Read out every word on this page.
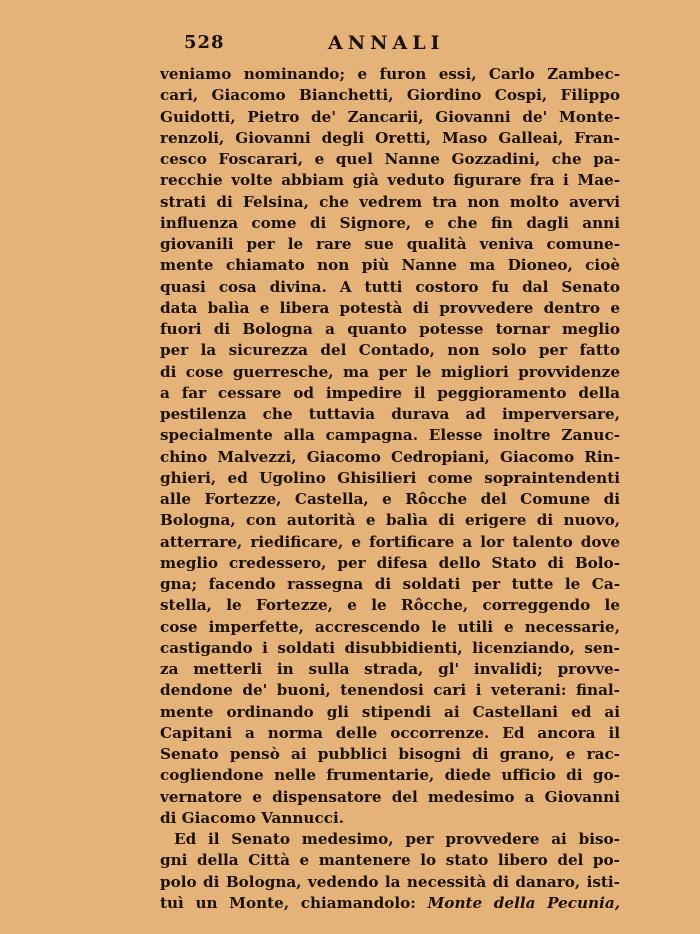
528	ANNALI
veniamo nominando; e furon essi, Carlo Zambec-
cari, Giacomo Bianchetti, Giordino Cospi, Filippo
Guidotti, Pietro de' Zancarii, Giovanni de' Monte-
renzoli, Giovanni degli Oretti, Maso Galleai, Fran-
cesco Foscarari, e quel Nanne Gozzadini, che pa-
recchie volte abbiam già veduto figurare fra i Mae-
strati di Felsina, che vedrem tra non molto avervi
influenza come di Signore, e che fin dagli anni
giovanili per le rare sue qualità veniva comune-
mente chiamato non più Nanne ma Dioneo, cioè
quasi cosa divina. A tutti costoro fu dal Senato
data balìa e libera potestà di provvedere dentro e
fuori di Bologna a quanto potesse tornar meglio
per la sicurezza del Contado, non solo per fatto
di cose guerresche, ma per le migliori provvidenze
a far cessare od impedire il peggioramento della
pestilenza che tuttavia durava ad imperversare,
specialmente alla campagna. Elesse inoltre Zanuc-
chino Malvezzi, Giacomo Cedropiani, Giacomo Rin-
ghieri, ed Ugolino Ghisilieri come sopraintendenti
alle Fortezze, Castella, e Rôcche del Comune di
Bologna, con autorità e balìa di erigere di nuovo,
atterrare, riedificare, e fortificare a lor talento dove
meglio credessero, per difesa dello Stato di Bolo-
gna; facendo rassegna di soldati per tutte le Ca-
stella, le Fortezze, e le Rôcche, correggendo le
cose imperfette, accrescendo le utili e necessarie,
castigando i soldati disubbidienti, licenziando, sen-
za metterli in sulla strada, gl' invalidi; provve-
dendone de' buoni, tenendosi cari i veterani: final-
mente ordinando gli stipendi ai Castellani ed ai
Capitani a norma delle occorrenze. Ed ancora il
Senato pensò ai pubblici bisogni di grano, e rac-
cogliendone nelle frumentarie, diede ufficio di go-
vernatore e dispensatore del medesimo a Giovanni
di Giacomo Vannucci.
Ed il Senato medesimo, per provvedere ai biso-
gni della Città e mantenere lo stato libero del po-
polo di Bologna, vedendo la necessità di danaro, isti-
tuì un Monte, chiamandolo: Monte della Pecunia,
